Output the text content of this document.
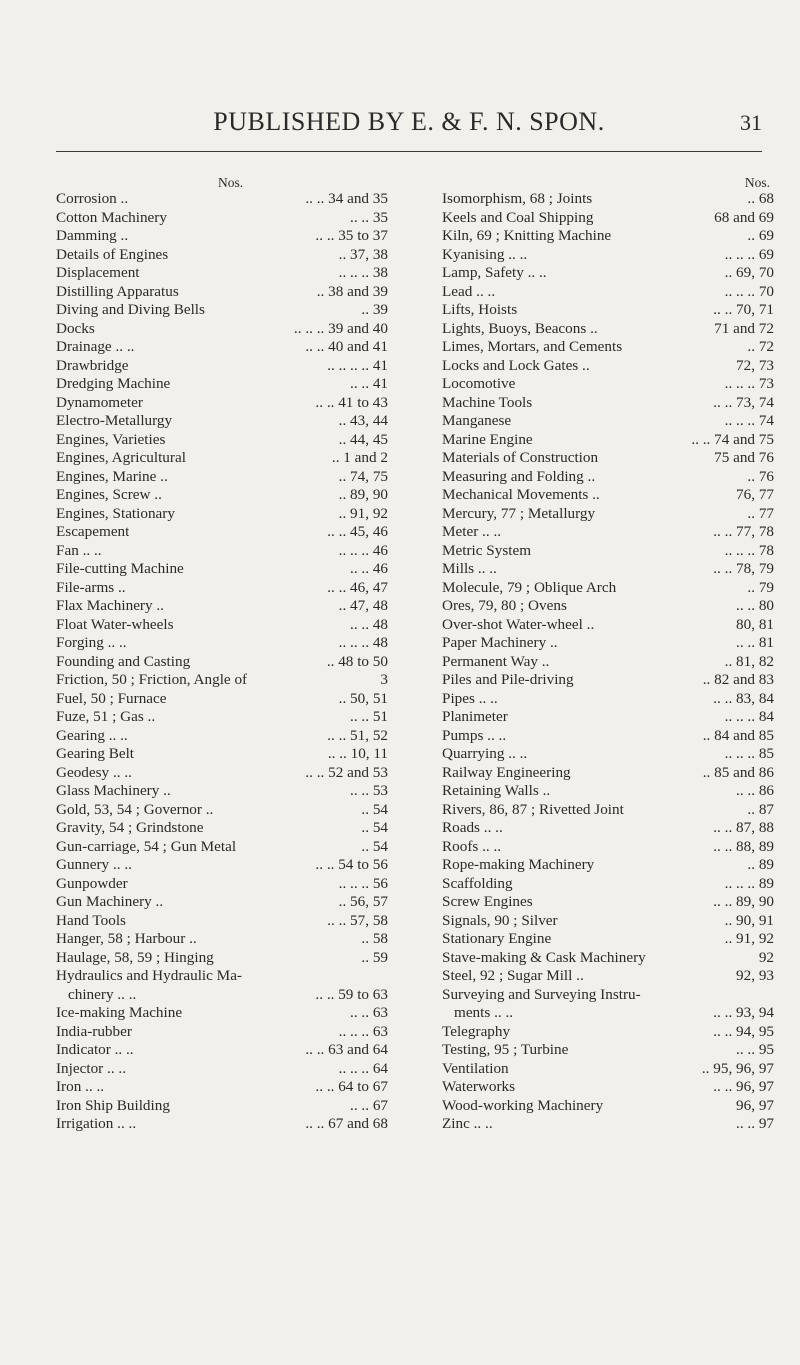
PUBLISHED BY E. & F. N. SPON.	31
Nos.
Corrosion ..	.. .. 34 and 35
Cotton Machinery	.. .. 35
Damming ..	.. .. 35 to 37
Details of Engines	.. 37, 38
Displacement	.. .. .. 38
Distilling Apparatus	.. 38 and 39
Diving and Diving Bells	.. 39
Docks	.. .. .. 39 and 40
Drainage .. ..	.. .. 40 and 41
Drawbridge	.. .. .. .. 41
Dredging Machine	.. .. 41
Dynamometer	.. .. 41 to 43
Electro-Metallurgy	.. 43, 44
Engines, Varieties	.. 44, 45
Engines, Agricultural	.. 1 and 2
Engines, Marine ..	.. 74, 75
Engines, Screw ..	.. 89, 90
Engines, Stationary	.. 91, 92
Escapement	.. .. 45, 46
Fan .. ..	.. .. .. 46
File-cutting Machine	.. .. 46
File-arms ..	.. .. 46, 47
Flax Machinery ..	.. 47, 48
Float Water-wheels	.. .. 48
Forging .. ..	.. .. .. 48
Founding and Casting	.. 48 to 50
Friction, 50 ; Friction, Angle of	3
Fuel, 50 ; Furnace	.. 50, 51
Fuze, 51 ; Gas ..	.. .. 51
Gearing .. ..	.. .. 51, 52
Gearing Belt	.. .. 10, 11
Geodesy .. ..	.. .. 52 and 53
Glass Machinery ..	.. .. 53
Gold, 53, 54 ; Governor ..	.. 54
Gravity, 54 ; Grindstone	.. 54
Gun-carriage, 54 ; Gun Metal	.. 54
Gunnery .. ..	.. .. 54 to 56
Gunpowder	.. .. .. 56
Gun Machinery ..	.. 56, 57
Hand Tools	.. .. 57, 58
Hanger, 58 ; Harbour ..	.. 58
Haulage, 58, 59 ; Hinging	.. 59
Hydraulics and Hydraulic Ma-
chinery .. ..	.. .. 59 to 63
Ice-making Machine	.. .. 63
India-rubber	.. .. .. 63
Indicator .. ..	.. .. 63 and 64
Injector .. ..	.. .. .. 64
Iron .. ..	.. .. 64 to 67
Iron Ship Building	.. .. 67
Irrigation .. ..	.. .. 67 and 68
Nos.
Isomorphism, 68 ; Joints	.. 68
Keels and Coal Shipping	68 and 69
Kiln, 69 ; Knitting Machine	.. 69
Kyanising .. ..	.. .. .. 69
Lamp, Safety .. ..	.. 69, 70
Lead .. ..	.. .. .. 70
Lifts, Hoists	.. .. 70, 71
Lights, Buoys, Beacons ..	71 and 72
Limes, Mortars, and Cements	.. 72
Locks and Lock Gates ..	72, 73
Locomotive	.. .. .. 73
Machine Tools	.. .. 73, 74
Manganese	.. .. .. 74
Marine Engine	.. .. 74 and 75
Materials of Construction	75 and 76
Measuring and Folding ..	.. 76
Mechanical Movements ..	76, 77
Mercury, 77 ; Metallurgy	.. 77
Meter .. ..	.. .. 77, 78
Metric System	.. .. .. 78
Mills .. ..	.. .. 78, 79
Molecule, 79 ; Oblique Arch	.. 79
Ores, 79, 80 ; Ovens	.. .. 80
Over-shot Water-wheel ..	80, 81
Paper Machinery ..	.. .. 81
Permanent Way ..	.. 81, 82
Piles and Pile-driving	.. 82 and 83
Pipes .. ..	.. .. 83, 84
Planimeter	.. .. .. 84
Pumps .. ..	.. 84 and 85
Quarrying .. ..	.. .. .. 85
Railway Engineering	.. 85 and 86
Retaining Walls ..	.. .. 86
Rivers, 86, 87 ; Rivetted Joint	.. 87
Roads .. ..	.. .. 87, 88
Roofs .. ..	.. .. 88, 89
Rope-making Machinery	.. 89
Scaffolding	.. .. .. 89
Screw Engines	.. .. 89, 90
Signals, 90 ; Silver	.. 90, 91
Stationary Engine	.. 91, 92
Stave-making & Cask Machinery	92
Steel, 92 ; Sugar Mill ..	92, 93
Surveying and Surveying Instru-
ments .. ..	.. .. 93, 94
Telegraphy	.. .. 94, 95
Testing, 95 ; Turbine	.. .. 95
Ventilation	.. 95, 96, 97
Waterworks	.. .. 96, 97
Wood-working Machinery	96, 97
Zinc .. ..	.. .. 97
